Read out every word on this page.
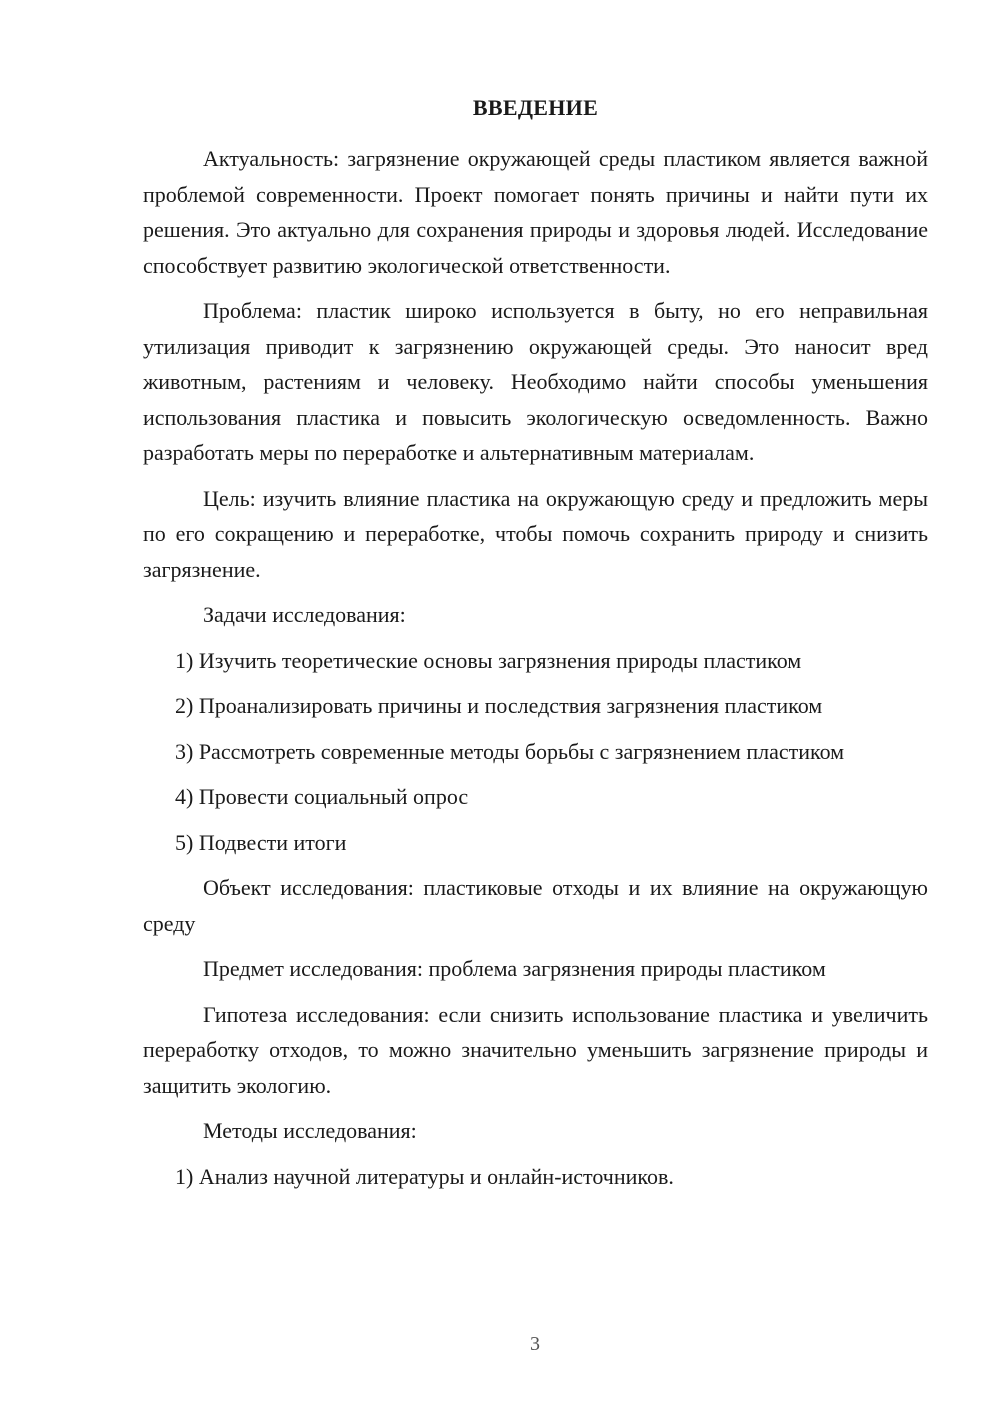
ВВЕДЕНИЕ

Актуальность: загрязнение окружающей среды пластиком является важной проблемой современности. Проект помогает понять причины и найти пути их решения. Это актуально для сохранения природы и здоровья людей. Исследование способствует развитию экологической ответственности.

Проблема: пластик широко используется в быту, но его неправильная утилизация приводит к загрязнению окружающей среды. Это наносит вред животным, растениям и человеку. Необходимо найти способы уменьшения использования пластика и повысить экологическую осведомленность. Важно разработать меры по переработке и альтернативным материалам.

Цель: изучить влияние пластика на окружающую среду и предложить меры по его сокращению и переработке, чтобы помочь сохранить природу и снизить загрязнение.

Задачи исследования:

1) Изучить теоретические основы загрязнения природы пластиком

2) Проанализировать причины и последствия загрязнения пластиком

3) Рассмотреть современные методы борьбы с загрязнением пластиком

4) Провести социальный опрос

5) Подвести итоги

Объект исследования: пластиковые отходы и их влияние на окружающую среду

Предмет исследования: проблема загрязнения природы пластиком

Гипотеза исследования: если снизить использование пластика и увеличить переработку отходов, то можно значительно уменьшить загрязнение природы и защитить экологию.

Методы исследования:

1) Анализ научной литературы и онлайн-источников.

3
